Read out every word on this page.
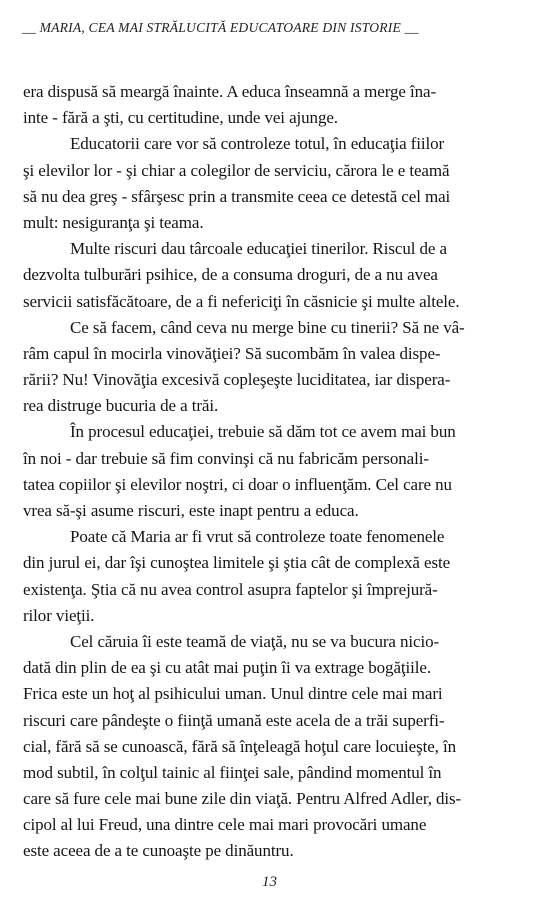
__ MARIA, CEA MAI STRĂLUCITĂ EDUCATOARE DIN ISTORIE __

era dispusă să meargă înainte. A educa înseamnă a merge îna-
inte - fără a şti, cu certitudine, unde vei ajunge.
Educatorii care vor să controleze totul, în educaţia fiilor
şi elevilor lor - şi chiar a colegilor de serviciu, cărora le e teamă
să nu dea greş - sfârşesc prin a transmite ceea ce detestă cel mai
mult: nesiguranţa şi teama.
Multe riscuri dau târcoale educaţiei tinerilor. Riscul de a
dezvolta tulburări psihice, de a consuma droguri, de a nu avea
servicii satisfăcătoare, de a fi nefericiţi în căsnicie şi multe altele.
Ce să facem, când ceva nu merge bine cu tinerii? Să ne vâ-
râm capul în mocirla vinovăţiei? Să sucombăm în valea dispe-
rării? Nu! Vinovăţia excesivă copleşeşte luciditatea, iar dispera-
rea distruge bucuria de a trăi.
În procesul educaţiei, trebuie să dăm tot ce avem mai bun
în noi - dar trebuie să fim convinşi că nu fabricăm personali-
tatea copiilor şi elevilor noştri, ci doar o influenţăm. Cel care nu
vrea să-şi asume riscuri, este inapt pentru a educa.
Poate că Maria ar fi vrut să controleze toate fenomenele
din jurul ei, dar îşi cunoştea limitele şi ştia cât de complexă este
existenţa. Ştia că nu avea control asupra faptelor şi împrejură-
rilor vieţii.
Cel căruia îi este teamă de viaţă, nu se va bucura nicio-
dată din plin de ea şi cu atât mai puţin îi va extrage bogăţiile.
Frica este un hoţ al psihicului uman. Unul dintre cele mai mari
riscuri care pândeşte o fiinţă umană este acela de a trăi superfi-
cial, fără să se cunoască, fără să înţeleagă hoţul care locuieşte, în
mod subtil, în colţul tainic al fiinţei sale, pândind momentul în
care să fure cele mai bune zile din viaţă. Pentru Alfred Adler, dis-
cipol al lui Freud, una dintre cele mai mari provocări umane
este aceea de a te cunoaşte pe dinăuntru.

13
